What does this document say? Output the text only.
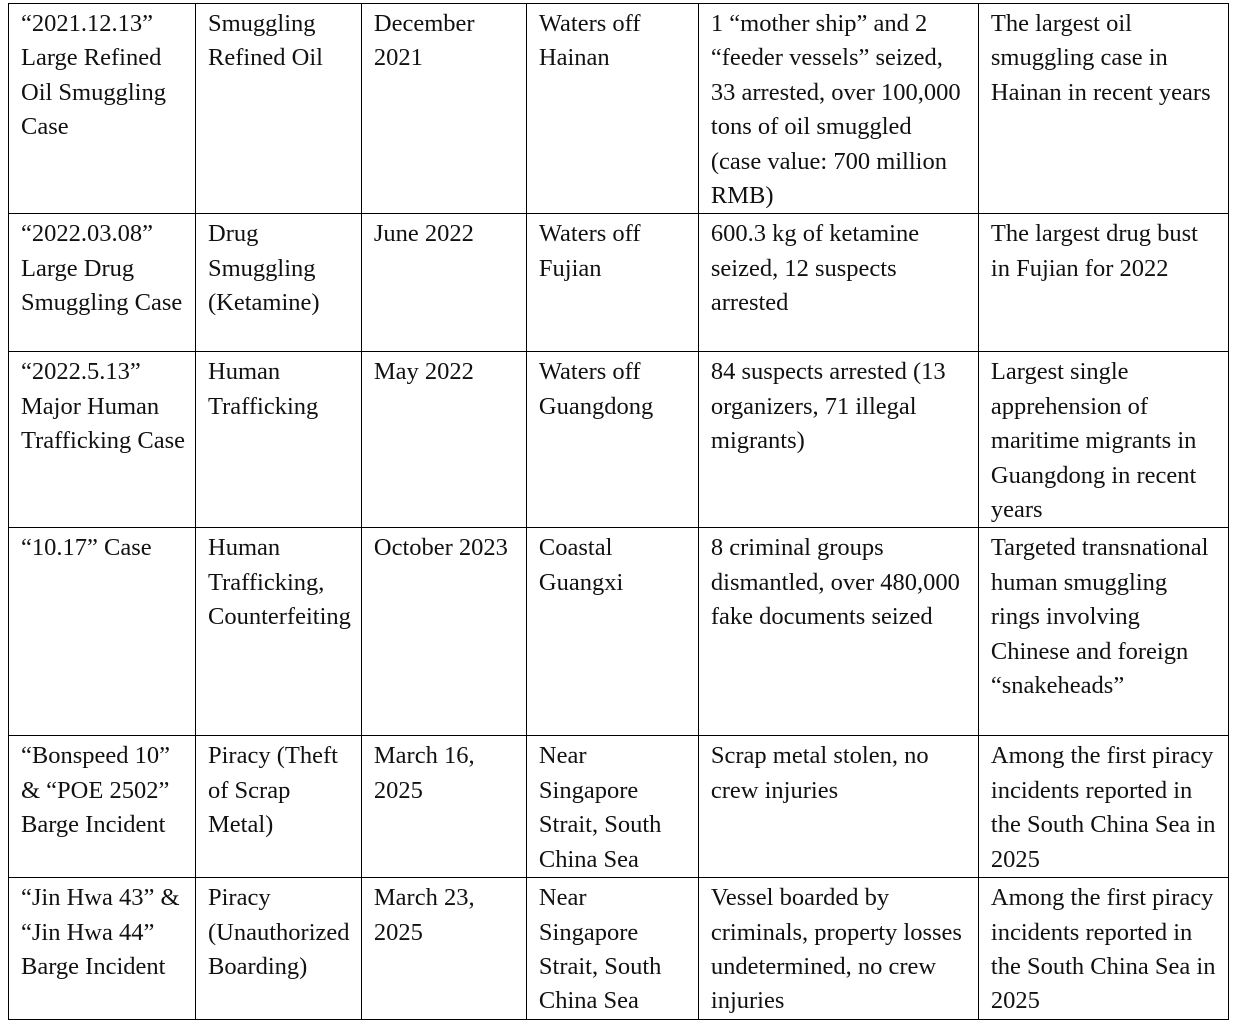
“2021.12.13” Large Refined Oil Smuggling Case	Smuggling Refined Oil	December 2021	Waters off Hainan	1 “mother ship” and 2 “feeder vessels” seized, 33 arrested, over 100,000 tons of oil smuggled (case value: 700 million RMB)	The largest oil smuggling case in Hainan in recent years
“2022.03.08” Large Drug Smuggling Case	Drug Smuggling (Ketamine)	June 2022	Waters off Fujian	600.3 kg of ketamine seized, 12 suspects arrested	The largest drug bust in Fujian for 2022
“2022.5.13” Major Human Trafficking Case	Human Trafficking	May 2022	Waters off Guangdong	84 suspects arrested (13 organizers, 71 illegal migrants)	Largest single apprehension of maritime migrants in Guangdong in recent years
“10.17” Case	Human Trafficking, Counterfeiting	October 2023	Coastal Guangxi	8 criminal groups dismantled, over 480,000 fake documents seized	Targeted transnational human smuggling rings involving Chinese and foreign “snakeheads”
“Bonspeed 10” & “POE 2502” Barge Incident	Piracy (Theft of Scrap Metal)	March 16, 2025	Near Singapore Strait, South China Sea	Scrap metal stolen, no crew injuries	Among the first piracy incidents reported in the South China Sea in 2025
“Jin Hwa 43” & “Jin Hwa 44” Barge Incident	Piracy (Unauthorized Boarding)	March 23, 2025	Near Singapore Strait, South China Sea	Vessel boarded by criminals, property losses undetermined, no crew injuries	Among the first piracy incidents reported in the South China Sea in 2025
